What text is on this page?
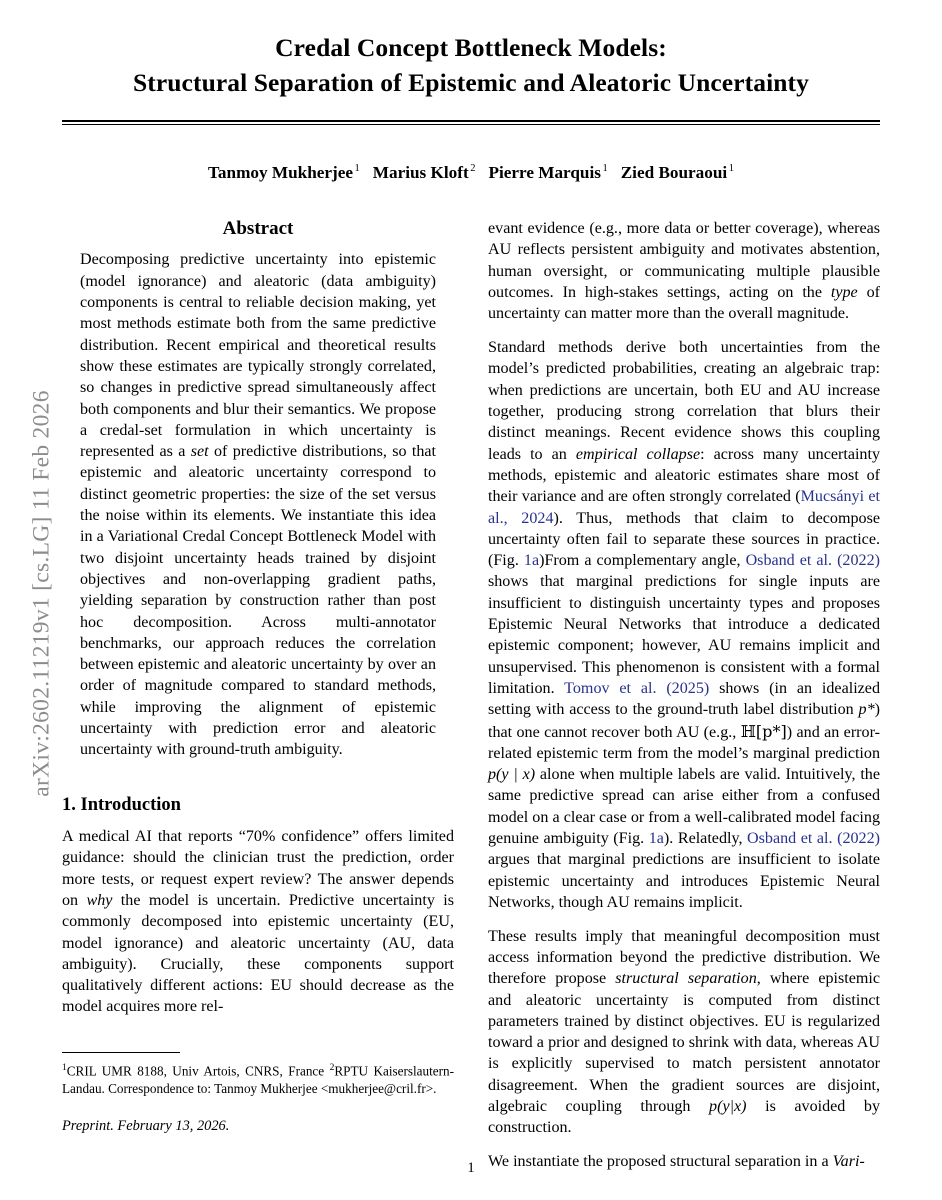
arXiv:2602.11219v1 [cs.LG] 11 Feb 2026
Credal Concept Bottleneck Models:
Structural Separation of Epistemic and Aleatoric Uncertainty
Tanmoy Mukherjee $^1$ Marius Kloft $^2$ Pierre Marquis $^1$ Zied Bouraoui $^1$
Abstract

Decomposing predictive uncertainty into epistemic (model ignorance) and aleatoric (data ambiguity) components is central to reliable decision making, yet most methods estimate both from the same predictive distribution. Recent empirical and theoretical results show these estimates are typically strongly correlated, so changes in predictive spread simultaneously affect both components and blur their semantics. We propose a credal-set formulation in which uncertainty is represented as a set of predictive distributions, so that epistemic and aleatoric uncertainty correspond to distinct geometric properties: the size of the set versus the noise within its elements. We instantiate this idea in a Variational Credal Concept Bottleneck Model with two disjoint uncertainty heads trained by disjoint objectives and non-overlapping gradient paths, yielding separation by construction rather than post hoc decomposition. Across multi-annotator benchmarks, our approach reduces the correlation between epistemic and aleatoric uncertainty by over an order of magnitude compared to standard methods, while improving the alignment of epistemic uncertainty with prediction error and aleatoric uncertainty with ground-truth ambiguity.

1. Introduction

A medical AI that reports “70% confidence” offers limited guidance: should the clinician trust the prediction, order more tests, or request expert review? The answer depends on why the model is uncertain. Predictive uncertainty is commonly decomposed into epistemic uncertainty (EU, model ignorance) and aleatoric uncertainty (AU, data ambiguity). Crucially, these components support qualitatively different actions: EU should decrease as the model acquires more rel-

evant evidence (e.g., more data or better coverage), whereas AU reflects persistent ambiguity and motivates abstention, human oversight, or communicating multiple plausible outcomes. In high-stakes settings, acting on the type of uncertainty can matter more than the overall magnitude.

Standard methods derive both uncertainties from the model’s predicted probabilities, creating an algebraic trap: when predictions are uncertain, both EU and AU increase together, producing strong correlation that blurs their distinct meanings. Recent evidence shows this coupling leads to an empirical collapse: across many uncertainty methods, epistemic and aleatoric estimates share most of their variance and are often strongly correlated (Mucsányi et al., 2024). Thus, methods that claim to decompose uncertainty often fail to separate these sources in practice. (Fig. 1a)From a complementary angle, Osband et al. (2022) shows that marginal predictions for single inputs are insufficient to distinguish uncertainty types and proposes Epistemic Neural Networks that introduce a dedicated epistemic component; however, AU remains implicit and unsupervised. This phenomenon is consistent with a formal limitation. Tomov et al. (2025) shows (in an idealized setting with access to the ground-truth label distribution p*) that one cannot recover both AU (e.g., ℍ[p*]) and an error-related epistemic term from the model’s marginal prediction p(y | x) alone when multiple labels are valid. Intuitively, the same predictive spread can arise either from a confused model on a clear case or from a well-calibrated model facing genuine ambiguity (Fig. 1a). Relatedly, Osband et al. (2022) argues that marginal predictions are insufficient to isolate epistemic uncertainty and introduces Epistemic Neural Networks, though AU remains implicit.

These results imply that meaningful decomposition must access information beyond the predictive distribution. We therefore propose structural separation, where epistemic and aleatoric uncertainty is computed from distinct parameters trained by distinct objectives. EU is regularized toward a prior and designed to shrink with data, whereas AU is explicitly supervised to match persistent annotator disagreement. When the gradient sources are disjoint, algebraic coupling through p(y|x) is avoided by construction.

We instantiate the proposed structural separation in a Vari-

$^1$CRIL UMR 8188, Univ Artois, CNRS, France $^2$RPTU Kaiserslautern-Landau. Correspondence to: Tanmoy Mukherjee <mukherjee@cril.fr>.
Preprint. February 13, 2026.
1
